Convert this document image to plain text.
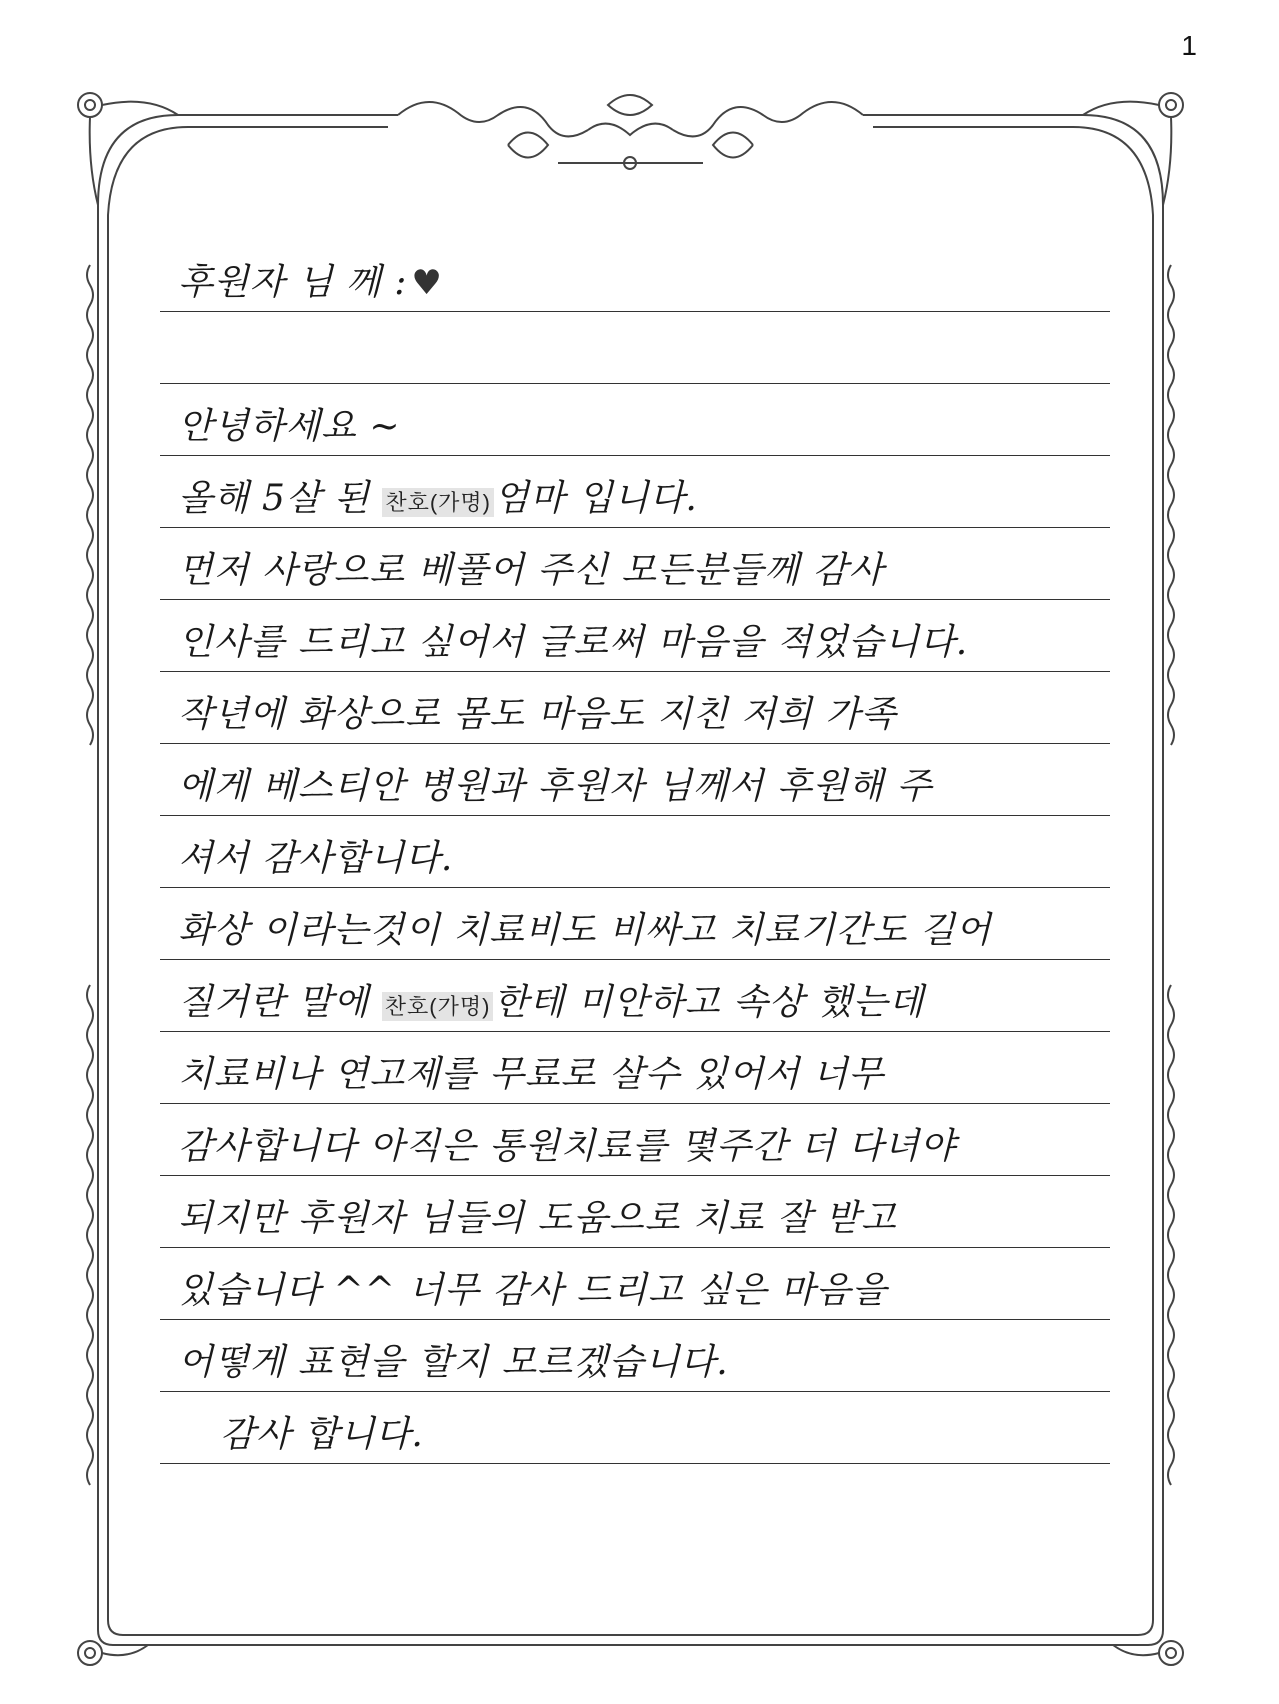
1
후원자 님 께 : ♥
안녕하세요 ~
올해 5살 된 찬호(가명)엄마 입니다.
먼저 사랑으로 베풀어 주신 모든분들께 감사
인사를 드리고 싶어서 글로써 마음을 적었습니다.
작년에 화상으로 몸도 마음도 지친 저희 가족
에게 베스티안 병원과 후원자 님께서 후원해 주
셔서 감사합니다.
화상 이라는것이 치료비도 비싸고 치료기간도 길어
질거란 말에 찬호(가명)한테 미안하고 속상 했는데
치료비나 연고제를 무료로 살수 있어서 너무
감사합니다 아직은 통원치료를 몇주간 더 다녀야
되지만 후원자 님들의 도움으로 치료 잘 받고
있습니다 ^^ 너무 감사 드리고 싶은 마음을
어떻게 표현을 할지 모르겠습니다.
감사 합니다.
